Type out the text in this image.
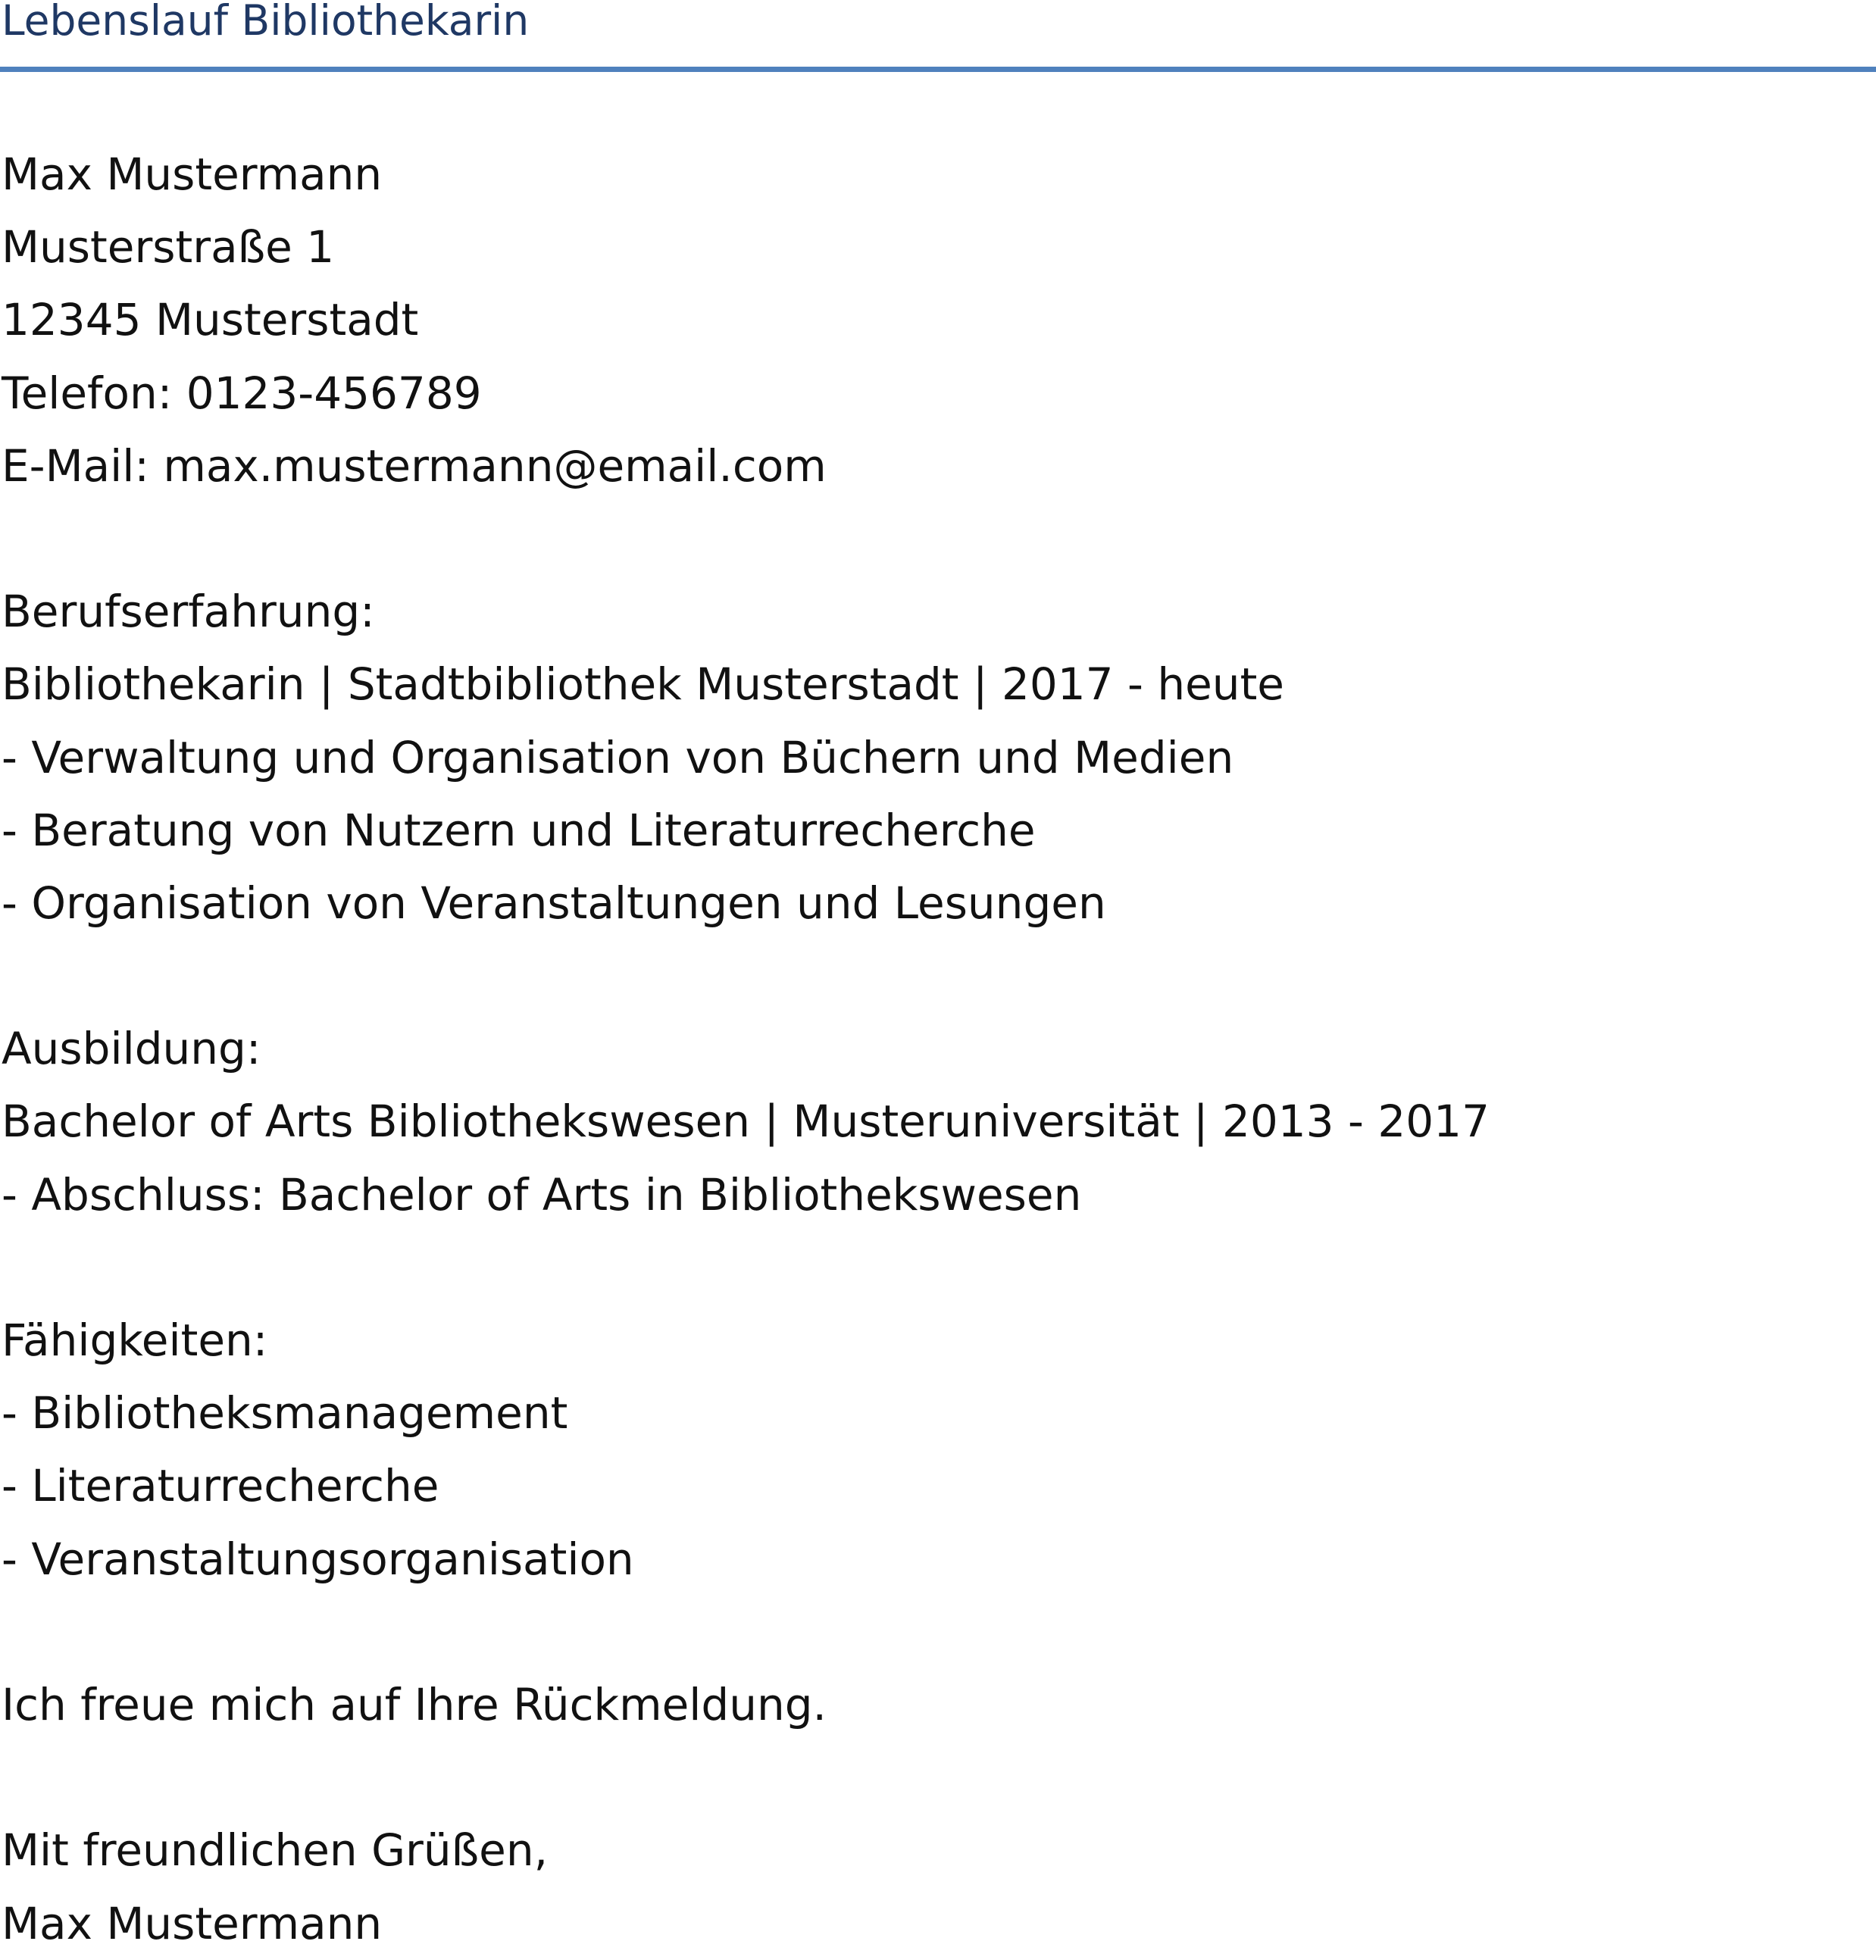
Lebenslauf Bibliothekarin
Max Mustermann
Musterstraße 1
12345 Musterstadt
Telefon: 0123-456789
E-Mail: max.mustermann@email.com
Berufserfahrung:
Bibliothekarin | Stadtbibliothek Musterstadt | 2017 - heute
- Verwaltung und Organisation von Büchern und Medien
- Beratung von Nutzern und Literaturrecherche
- Organisation von Veranstaltungen und Lesungen
Ausbildung:
Bachelor of Arts Bibliothekswesen | Musteruniversität | 2013 - 2017
- Abschluss: Bachelor of Arts in Bibliothekswesen
Fähigkeiten:
- Bibliotheksmanagement
- Literaturrecherche
- Veranstaltungsorganisation
Ich freue mich auf Ihre Rückmeldung.
Mit freundlichen Grüßen,
Max Mustermann
